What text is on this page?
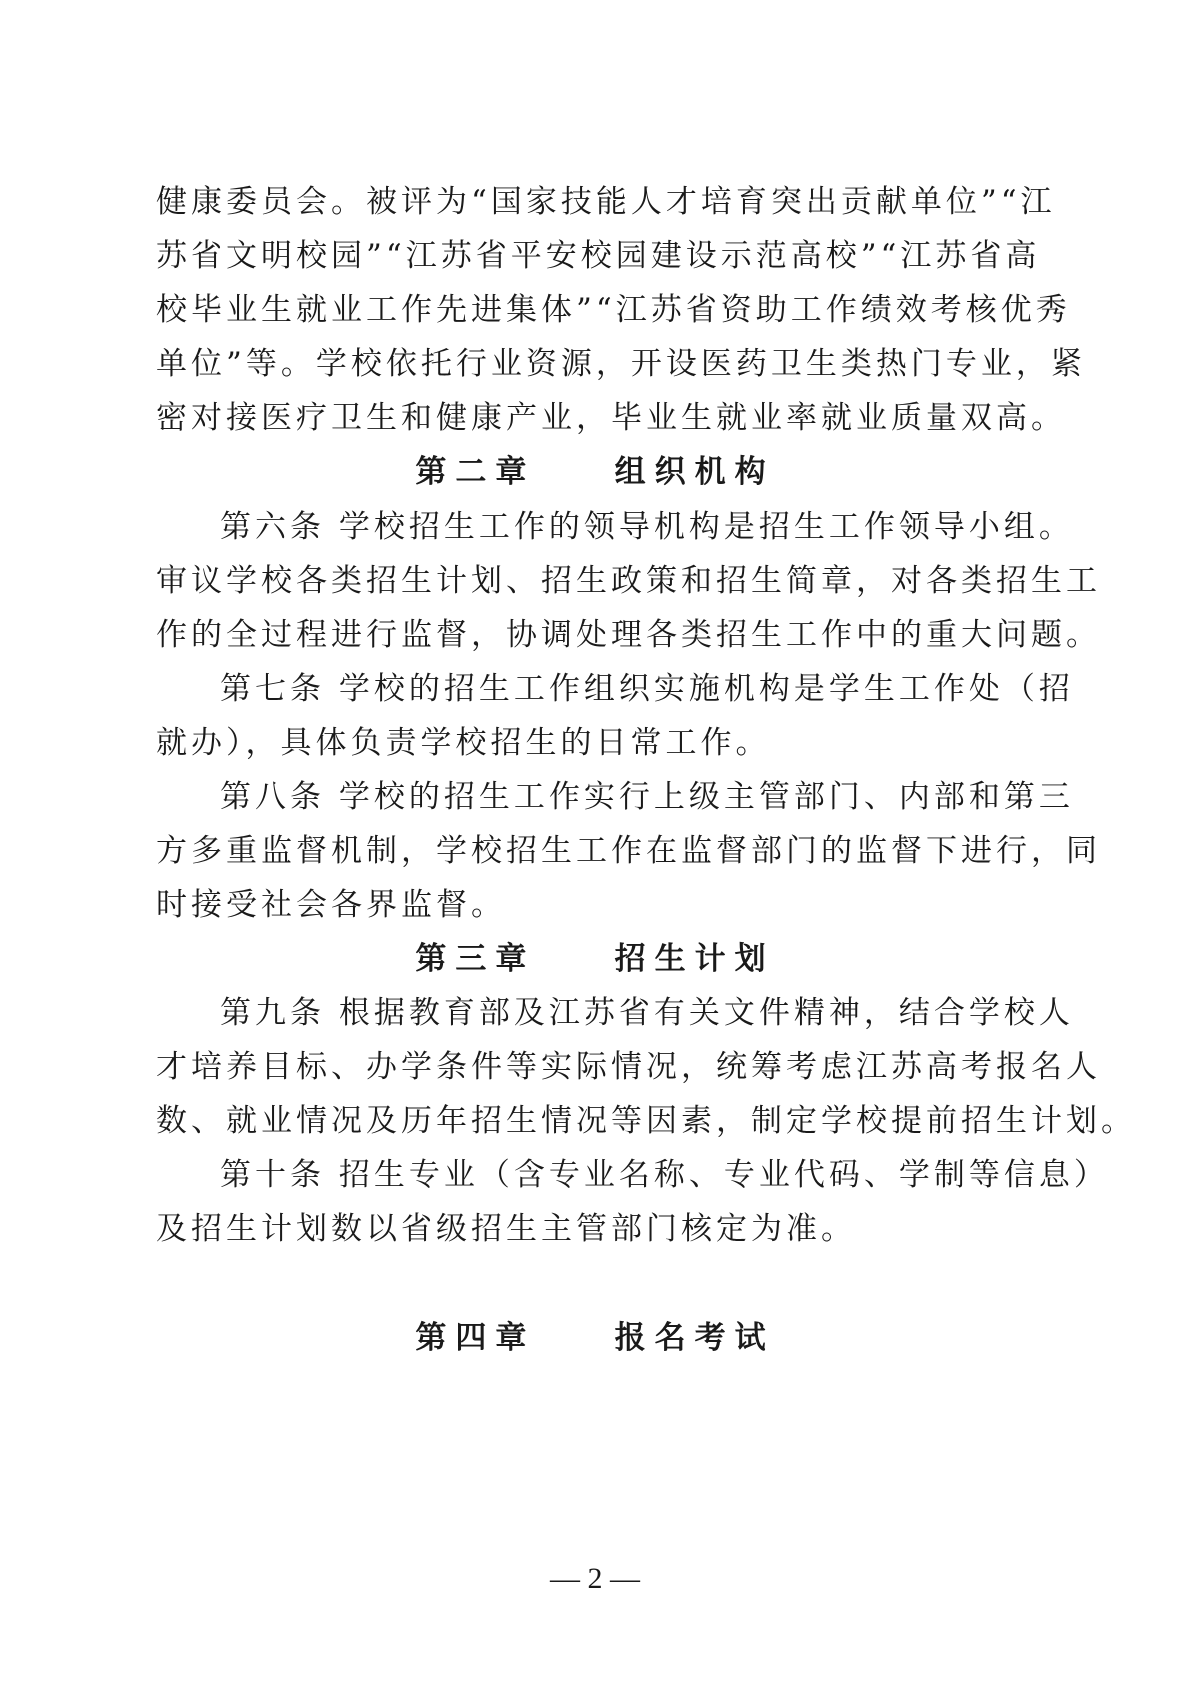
健康委员会。被评为“国家技能人才培育突出贡献单位”“江
苏省文明校园”“江苏省平安校园建设示范高校”“江苏省高
校毕业生就业工作先进集体”“江苏省资助工作绩效考核优秀
单位”等。学校依托行业资源，开设医药卫生类热门专业，紧
密对接医疗卫生和健康产业，毕业生就业率就业质量双高。
第二章    组织机构
第六条 学校招生工作的领导机构是招生工作领导小组。
审议学校各类招生计划、招生政策和招生简章，对各类招生工
作的全过程进行监督，协调处理各类招生工作中的重大问题。
第七条 学校的招生工作组织实施机构是学生工作处（招
就办），具体负责学校招生的日常工作。
第八条 学校的招生工作实行上级主管部门、内部和第三
方多重监督机制，学校招生工作在监督部门的监督下进行，同
时接受社会各界监督。
第三章    招生计划
第九条 根据教育部及江苏省有关文件精神，结合学校人
才培养目标、办学条件等实际情况，统筹考虑江苏高考报名人
数、就业情况及历年招生情况等因素，制定学校提前招生计划。
第十条 招生专业（含专业名称、专业代码、学制等信息）
及招生计划数以省级招生主管部门核定为准。
第四章    报名考试
— 2 —
